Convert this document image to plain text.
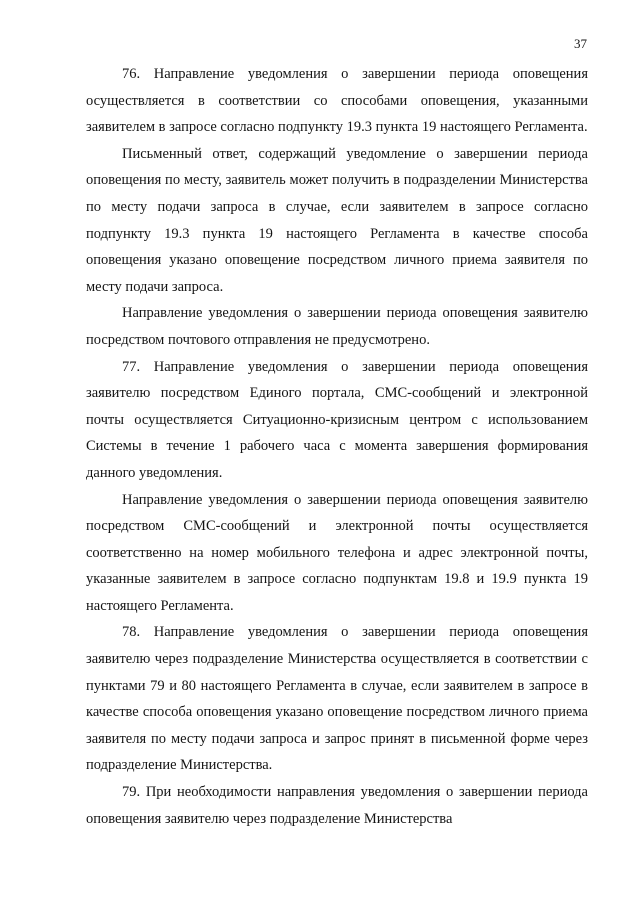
37

76. Направление уведомления о завершении периода оповещения осуществляется в соответствии со способами оповещения, указанными заявителем в запросе согласно подпункту 19.3 пункта 19 настоящего Регламента.

Письменный ответ, содержащий уведомление о завершении периода оповещения по месту, заявитель может получить в подразделении Министерства по месту подачи запроса в случае, если заявителем в запросе согласно подпункту 19.3 пункта 19 настоящего Регламента в качестве способа оповещения указано оповещение посредством личного приема заявителя по месту подачи запроса.

Направление уведомления о завершении периода оповещения заявителю посредством почтового отправления не предусмотрено.

77. Направление уведомления о завершении периода оповещения заявителю посредством Единого портала, СМС-сообщений и электронной почты осуществляется Ситуационно-кризисным центром с использованием Системы в течение 1 рабочего часа с момента завершения формирования данного уведомления.

Направление уведомления о завершении периода оповещения заявителю посредством СМС-сообщений и электронной почты осуществляется соответственно на номер мобильного телефона и адрес электронной почты, указанные заявителем в запросе согласно подпунктам 19.8 и 19.9 пункта 19 настоящего Регламента.

78. Направление уведомления о завершении периода оповещения заявителю через подразделение Министерства осуществляется в соответствии с пунктами 79 и 80 настоящего Регламента в случае, если заявителем в запросе в качестве способа оповещения указано оповещение посредством личного приема заявителя по месту подачи запроса и запрос принят в письменной форме через подразделение Министерства.

79. При необходимости направления уведомления о завершении периода оповещения заявителю через подразделение Министерства
